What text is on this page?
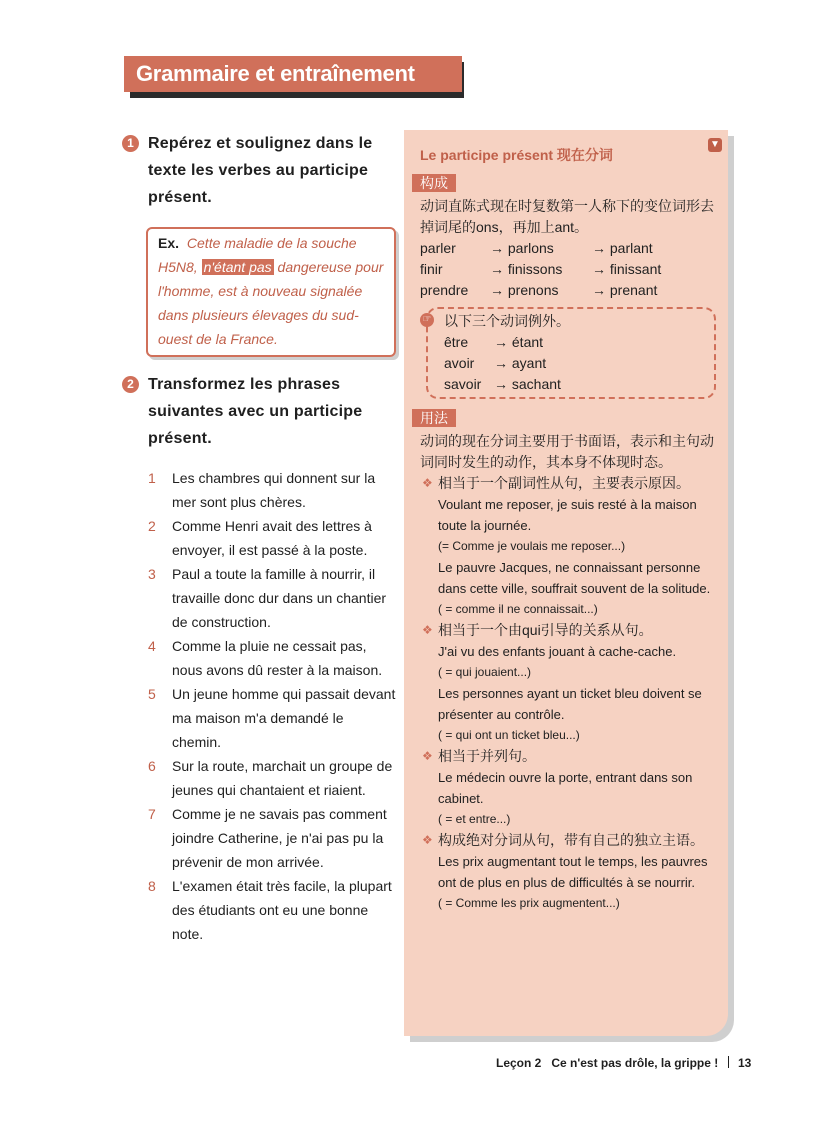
Grammaire et entraînement
1 Repérez et soulignez dans le texte les verbes au participe présent.
Ex. Cette maladie de la souche H5N8, n'étant pas dangereuse pour l'homme, est à nouveau signalée dans plusieurs élevages du sud-ouest de la France.
2 Transformez les phrases suivantes avec un participe présent.
1 Les chambres qui donnent sur la mer sont plus chères.
2 Comme Henri avait des lettres à envoyer, il est passé à la poste.
3 Paul a toute la famille à nourrir, il travaille donc dur dans un chantier de construction.
4 Comme la pluie ne cessait pas, nous avons dû rester à la maison.
5 Un jeune homme qui passait devant ma maison m'a demandé le chemin.
6 Sur la route, marchait un groupe de jeunes qui chantaient et riaient.
7 Comme je ne savais pas comment joindre Catherine, je n'ai pas pu la prévenir de mon arrivée.
8 L'examen était très facile, la plupart des étudiants ont eu une bonne note.
▼
Le participe présent 现在分词
构成
动词直陈式现在时复数第一人称下的变位词形去掉词尾的ons，再加上ant。
parler	→ parlons	→ parlant
finir	→ finissons	→ finissant
prendre	→ prenons	→ prenant
☞ 以下三个动词例外。
être	→ étant
avoir	→ ayant
savoir	→ sachant
用法
动词的现在分词主要用于书面语，表示和主句动词同时发生的动作，其本身不体现时态。
❖ 相当于一个副词性从句，主要表示原因。
Voulant me reposer, je suis resté à la maison toute la journée.
(= Comme je voulais me reposer...)
Le pauvre Jacques, ne connaissant personne dans cette ville, souffrait souvent de la solitude.
( = comme il ne connaissait...)
❖ 相当于一个由qui引导的关系从句。
J'ai vu des enfants jouant à cache-cache.
( = qui jouaient...)
Les personnes ayant un ticket bleu doivent se présenter au contrôle.
( = qui ont un ticket bleu...)
❖ 相当于并列句。
Le médecin ouvre la porte, entrant dans son cabinet.
( = et entre...)
❖ 构成绝对分词从句，带有自己的独立主语。
Les prix augmentant tout le temps, les pauvres ont de plus en plus de difficultés à se nourrir.
( = Comme les prix augmentent...)
Leçon 2 Ce n'est pas drôle, la grippe ! 13
